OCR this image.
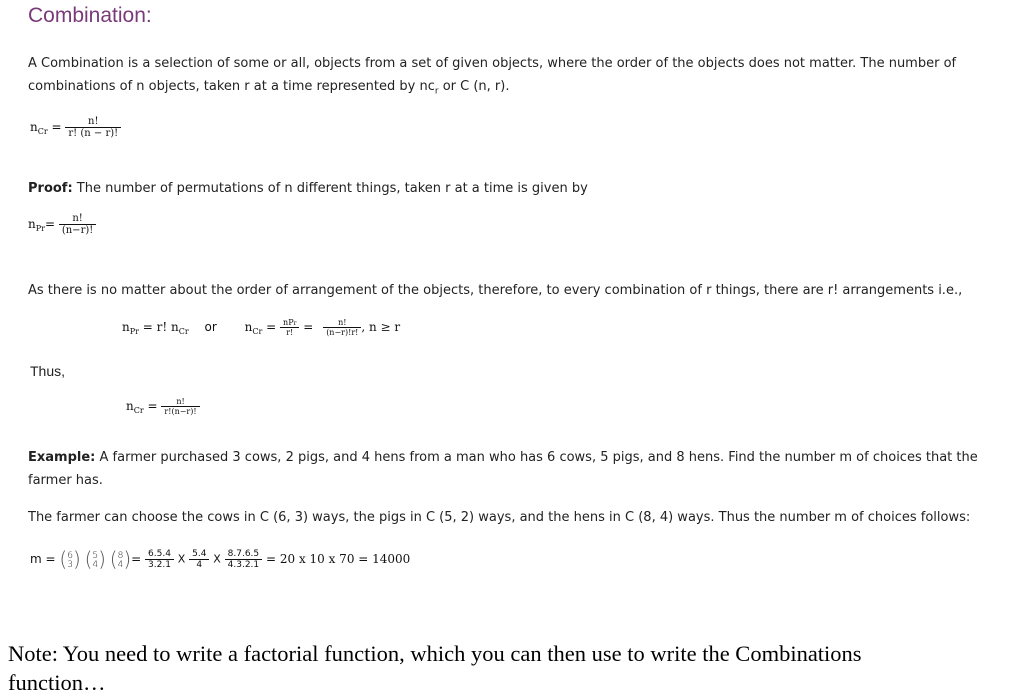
Combination:
A Combination is a selection of some or all, objects from a set of given objects, where the order of the objects does not matter. The number of
combinations of n objects, taken r at a time represented by $nc_r$ or C (n, r).
$n_{Cr} = \frac{n!}{r! (n - r)!}$
Proof: The number of permutations of n different things, taken r at a time is given by
$n_{Pr}= \frac{n!}{(n-r)!}$
As there is no matter about the order of arrangement of the objects, therefore, to every combination of r things, there are r! arrangements i.e.,
$n_{Pr} = r$! $n_{Cr}$ or $n_{Cr} = \frac{\text{nPr}}{r!} = \frac{n!}{(n-r)!r!}$ , n ≥ r
Thus,
$n_{Cr} = \frac{n!}{r!(n-r)!}$
Example: A farmer purchased 3 cows, 2 pigs, and 4 hens from a man who has 6 cows, 5 pigs, and 8 hens. Find the number m of choices that the
farmer has.
The farmer can choose the cows in C (6, 3) ways, the pigs in C (5, 2) ways, and the hens in C (8, 4) ways. Thus the number m of choices follows:
m = ( 6
3 ) ( 5
4 ) ( 8
4 )= $\frac{6.5.4}{3.2.1}$ X $\frac{5.4}{4}$ X $\frac{8.7.6.5}{4.3.2.1} = 20$ x 10 x 70 = 14000
Note: You need to write a factorial function, which you can then use to write the Combinations
function…
